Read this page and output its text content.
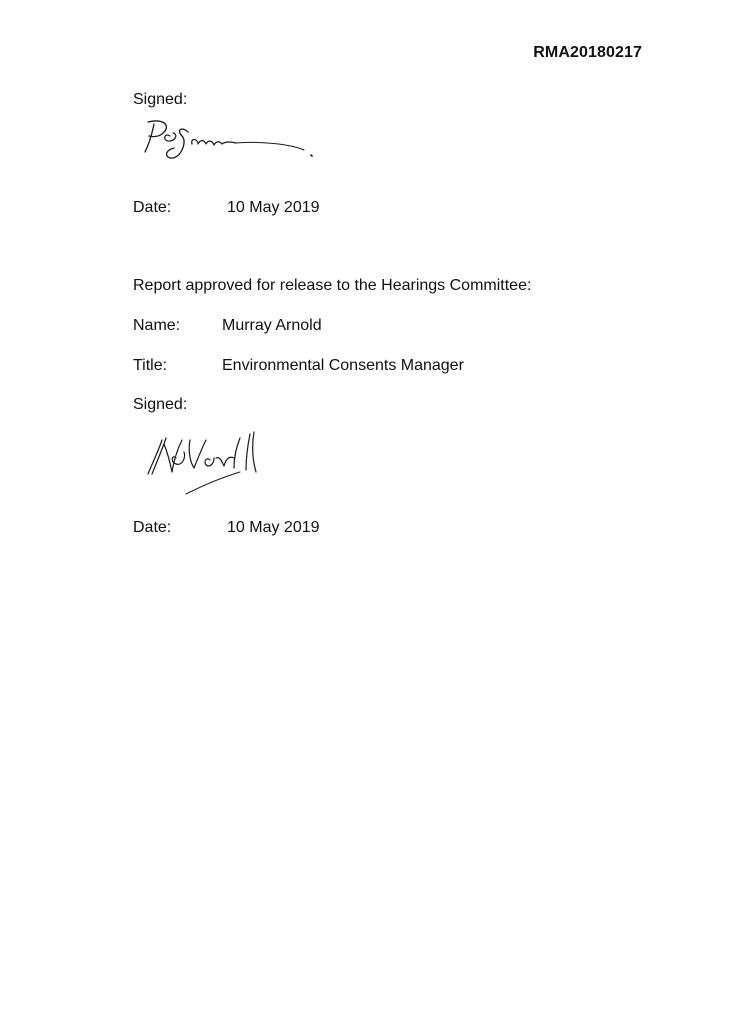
RMA20180217
Signed:
Date:	10 May 2019
Report approved for release to the Hearings Committee:
Name:	Murray Arnold
Title:	Environmental Consents Manager
Signed:
Date:	10 May 2019
